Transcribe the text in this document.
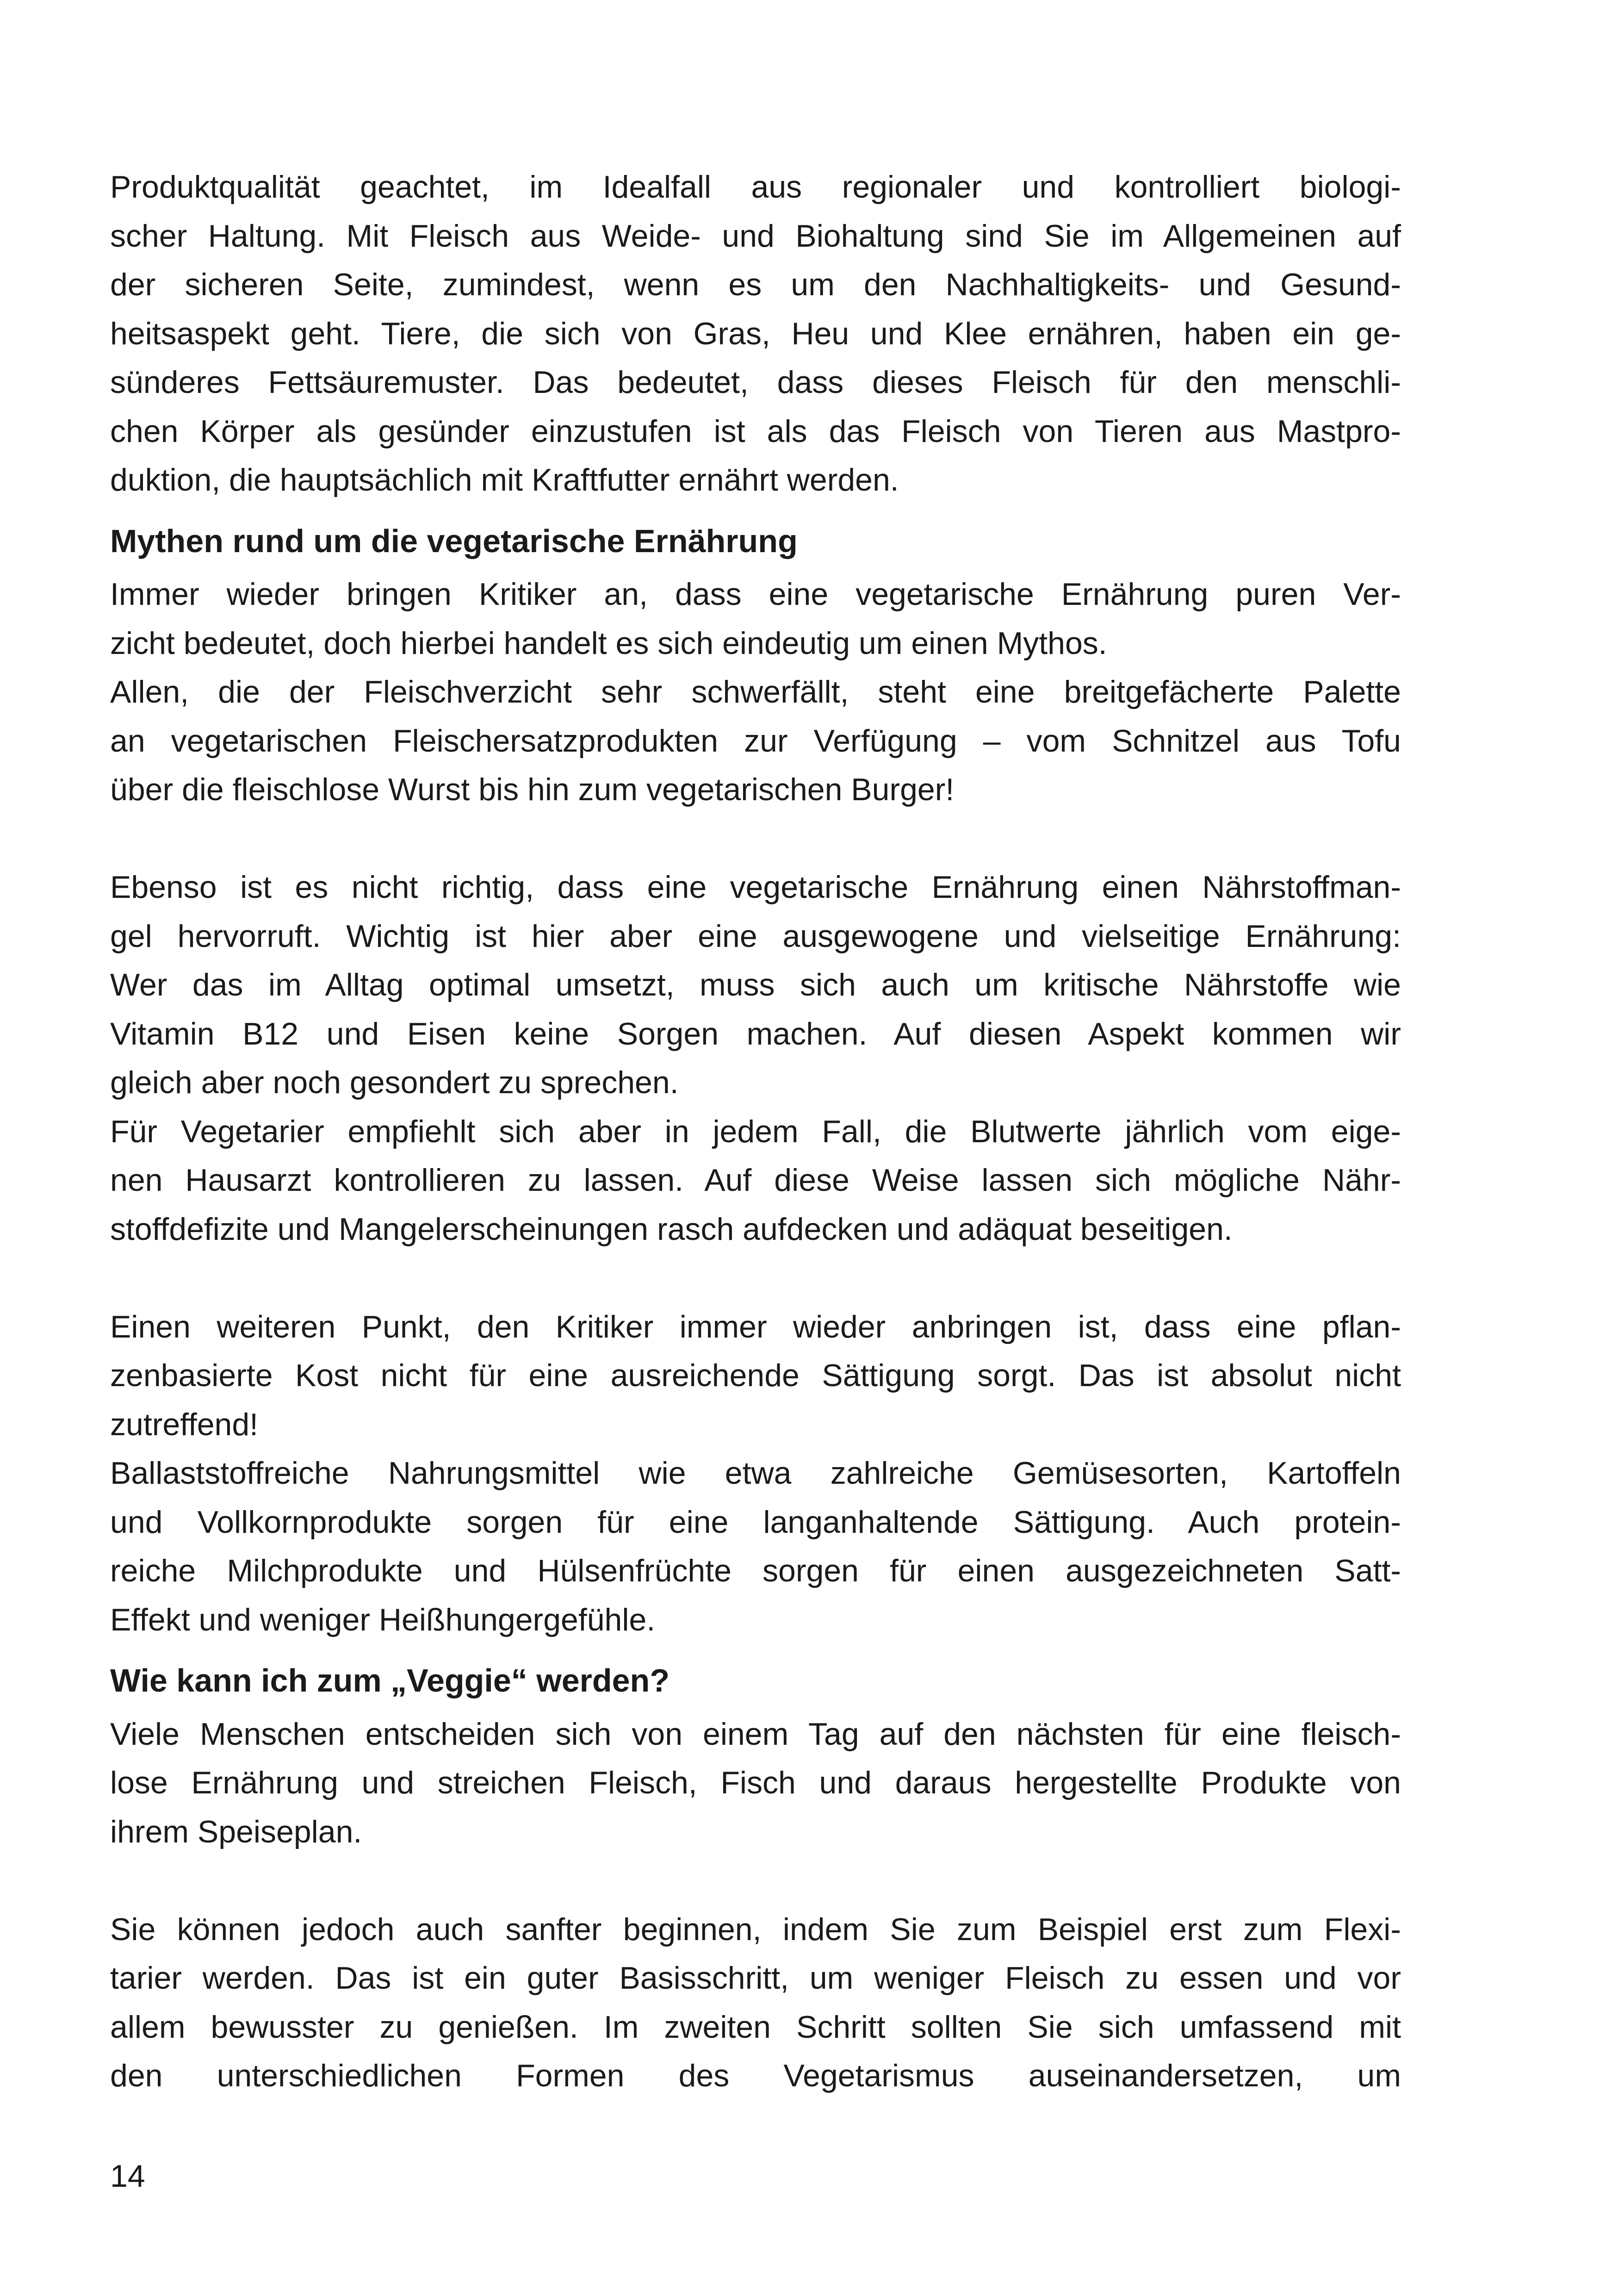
Produktqualität geachtet, im Idealfall aus regionaler und kontrolliert biologi-

scher Haltung. Mit Fleisch aus Weide- und Biohaltung sind Sie im Allgemeinen auf

der sicheren Seite, zumindest, wenn es um den Nachhaltigkeits- und Gesund-

heitsaspekt geht. Tiere, die sich von Gras, Heu und Klee ernähren, haben ein ge-

sünderes Fettsäuremuster. Das bedeutet, dass dieses Fleisch für den menschli-

chen Körper als gesünder einzustufen ist als das Fleisch von Tieren aus Mastpro-

duktion, die hauptsächlich mit Kraftfutter ernährt werden.

Mythen rund um die vegetarische Ernährung

Immer wieder bringen Kritiker an, dass eine vegetarische Ernährung puren Ver-

zicht bedeutet, doch hierbei handelt es sich eindeutig um einen Mythos.

Allen, die der Fleischverzicht sehr schwerfällt, steht eine breitgefächerte Palette

an vegetarischen Fleischersatzprodukten zur Verfügung – vom Schnitzel aus Tofu

über die fleischlose Wurst bis hin zum vegetarischen Burger!

Ebenso ist es nicht richtig, dass eine vegetarische Ernährung einen Nährstoffman-

gel hervorruft. Wichtig ist hier aber eine ausgewogene und vielseitige Ernährung:

Wer das im Alltag optimal umsetzt, muss sich auch um kritische Nährstoffe wie

Vitamin B12 und Eisen keine Sorgen machen. Auf diesen Aspekt kommen wir

gleich aber noch gesondert zu sprechen.

Für Vegetarier empfiehlt sich aber in jedem Fall, die Blutwerte jährlich vom eige-

nen Hausarzt kontrollieren zu lassen. Auf diese Weise lassen sich mögliche Nähr-

stoffdefizite und Mangelerscheinungen rasch aufdecken und adäquat beseitigen.

Einen weiteren Punkt, den Kritiker immer wieder anbringen ist, dass eine pflan-

zenbasierte Kost nicht für eine ausreichende Sättigung sorgt. Das ist absolut nicht

zutreffend!

Ballaststoffreiche Nahrungsmittel wie etwa zahlreiche Gemüsesorten, Kartoffeln

und Vollkornprodukte sorgen für eine langanhaltende Sättigung. Auch protein-

reiche Milchprodukte und Hülsenfrüchte sorgen für einen ausgezeichneten Satt-

Effekt und weniger Heißhungergefühle.

Wie kann ich zum „Veggie“ werden?

Viele Menschen entscheiden sich von einem Tag auf den nächsten für eine fleisch-

lose Ernährung und streichen Fleisch, Fisch und daraus hergestellte Produkte von

ihrem Speiseplan.

Sie können jedoch auch sanfter beginnen, indem Sie zum Beispiel erst zum Flexi-

tarier werden. Das ist ein guter Basisschritt, um weniger Fleisch zu essen und vor

allem bewusster zu genießen. Im zweiten Schritt sollten Sie sich umfassend mit

den unterschiedlichen Formen des Vegetarismus auseinandersetzen, um

14
